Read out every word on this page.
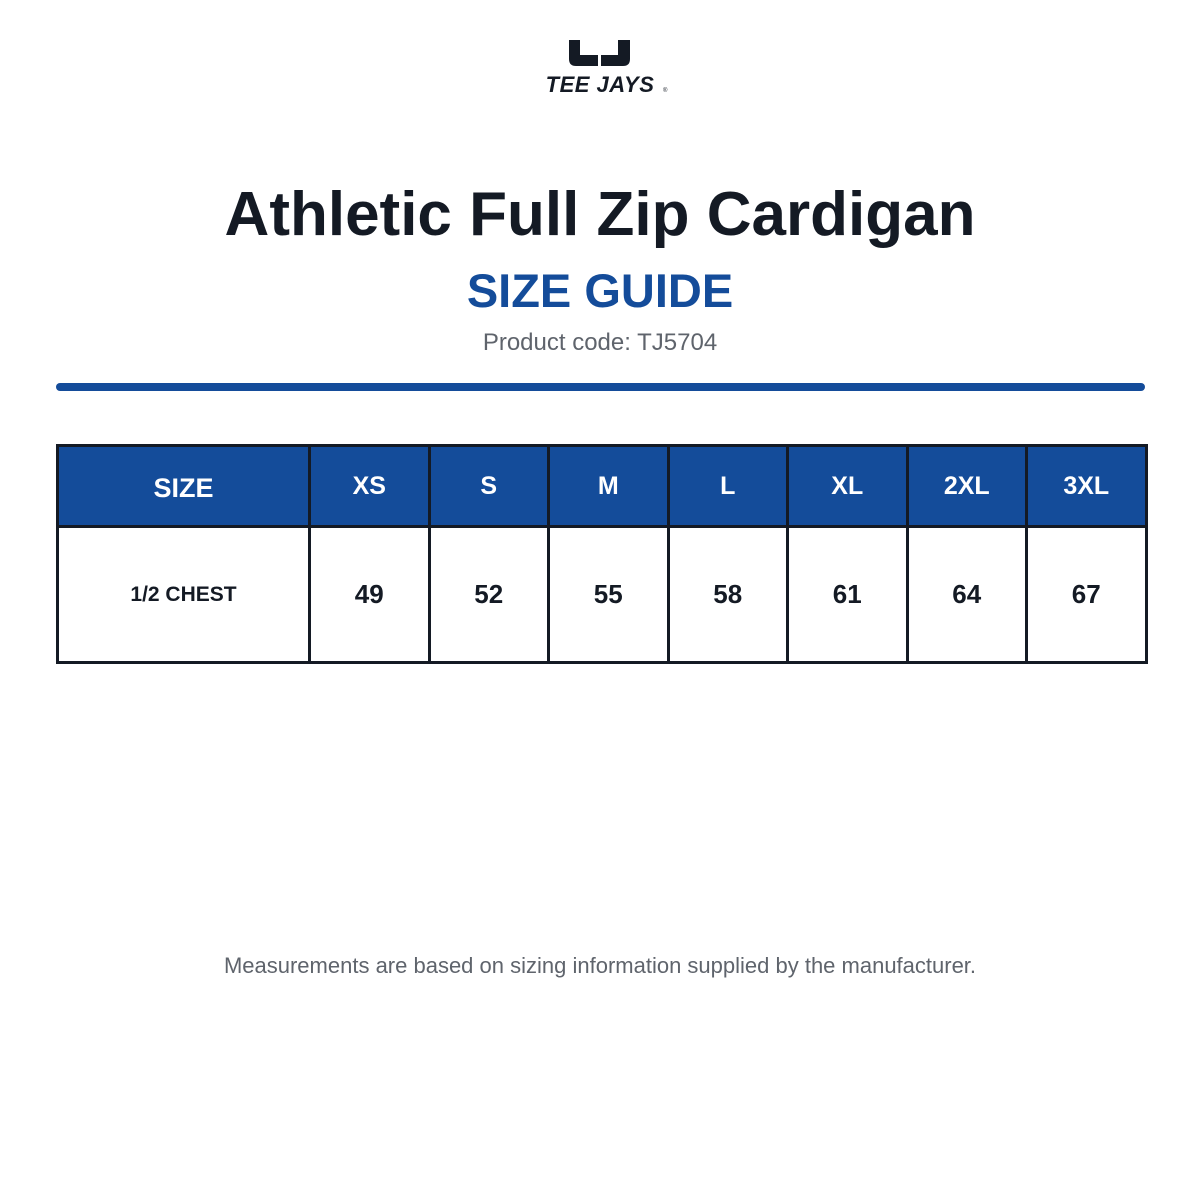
TEE JAYS ®
Athletic Full Zip Cardigan
SIZE GUIDE
Product code: TJ5704
SIZE	XS	S	M	L	XL	2XL	3XL
1/2 CHEST	49	52	55	58	61	64	67
Measurements are based on sizing information supplied by the manufacturer.
